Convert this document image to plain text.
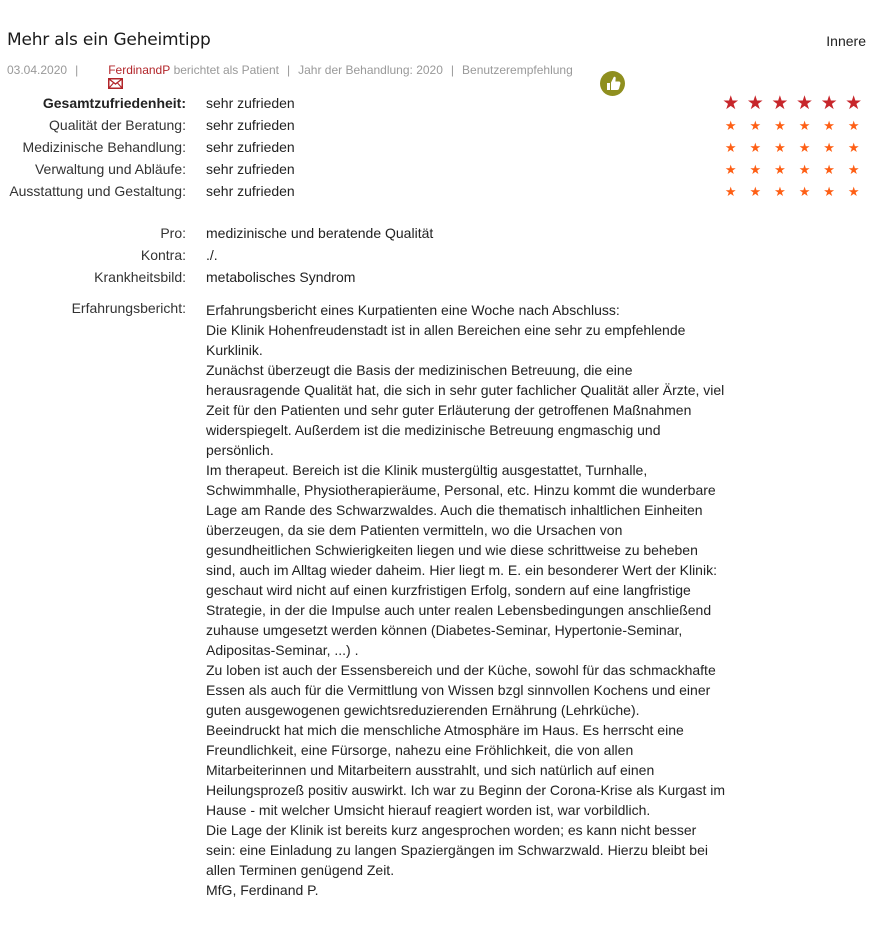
Mehr als ein Geheimtipp	Innere
03.04.2020 |

	FerdinandP berichtet als Patient | Jahr der Behandlung: 2020 | Benutzerempfehlung

Gesamtzufriedenheit: sehr zufrieden	★ ★ ★ ★ ★ ★
Qualität der Beratung: sehr zufrieden	★ ★ ★ ★ ★ ★
Medizinische Behandlung: sehr zufrieden	★ ★ ★ ★ ★ ★
Verwaltung und Abläufe: sehr zufrieden	★ ★ ★ ★ ★ ★
Ausstattung und Gestaltung: sehr zufrieden	★ ★ ★ ★ ★ ★
Pro: medizinische und beratende Qualität
Kontra: ./.
Krankheitsbild: metabolisches Syndrom
Erfahrungsbericht: Erfahrungsbericht eines Kurpatienten eine Woche nach Abschluss:

Die Klinik Hohenfreudenstadt ist in allen Bereichen eine sehr zu empfehlende Kurklinik.

Zunächst überzeugt die Basis der medizinischen Betreuung, die eine herausragende Qualität hat, die sich in sehr guter fachlicher Qualität aller Ärzte, viel Zeit für den Patienten und sehr guter Erläuterung der getroffenen Maßnahmen widerspiegelt. Außerdem ist die medizinische Betreuung engmaschig und persönlich.

Im therapeut. Bereich ist die Klinik mustergültig ausgestattet, Turnhalle, Schwimmhalle, Physiotherapieräume, Personal, etc. Hinzu kommt die wunderbare Lage am Rande des Schwarzwaldes. Auch die thematisch inhaltlichen Einheiten überzeugen, da sie dem Patienten vermitteln, wo die Ursachen von gesundheitlichen Schwierigkeiten liegen und wie diese schrittweise zu beheben sind, auch im Alltag wieder daheim. Hier liegt m. E. ein besonderer Wert der Klinik: geschaut wird nicht auf einen kurzfristigen Erfolg, sondern auf eine langfristige Strategie, in der die Impulse auch unter realen Lebensbedingungen anschließend zuhause umgesetzt werden können (Diabetes-Seminar, Hypertonie-Seminar, Adipositas-Seminar, ...) .

Zu loben ist auch der Essensbereich und der Küche, sowohl für das schmackhafte Essen als auch für die Vermittlung von Wissen bzgl sinnvollen Kochens und einer guten ausgewogenen gewichtsreduzierenden Ernährung (Lehrküche).

Beeindruckt hat mich die menschliche Atmosphäre im Haus. Es herrscht eine Freundlichkeit, eine Fürsorge, nahezu eine Fröhlichkeit, die von allen Mitarbeiterinnen und Mitarbeitern ausstrahlt, und sich natürlich auf einen Heilungsprozeß positiv auswirkt. Ich war zu Beginn der Corona-Krise als Kurgast im Hause - mit welcher Umsicht hierauf reagiert worden ist, war vorbildlich.

Die Lage der Klinik ist bereits kurz angesprochen worden; es kann nicht besser sein: eine Einladung zu langen Spaziergängen im Schwarzwald. Hierzu bleibt bei allen Terminen genügend Zeit.

MfG, Ferdinand P.
